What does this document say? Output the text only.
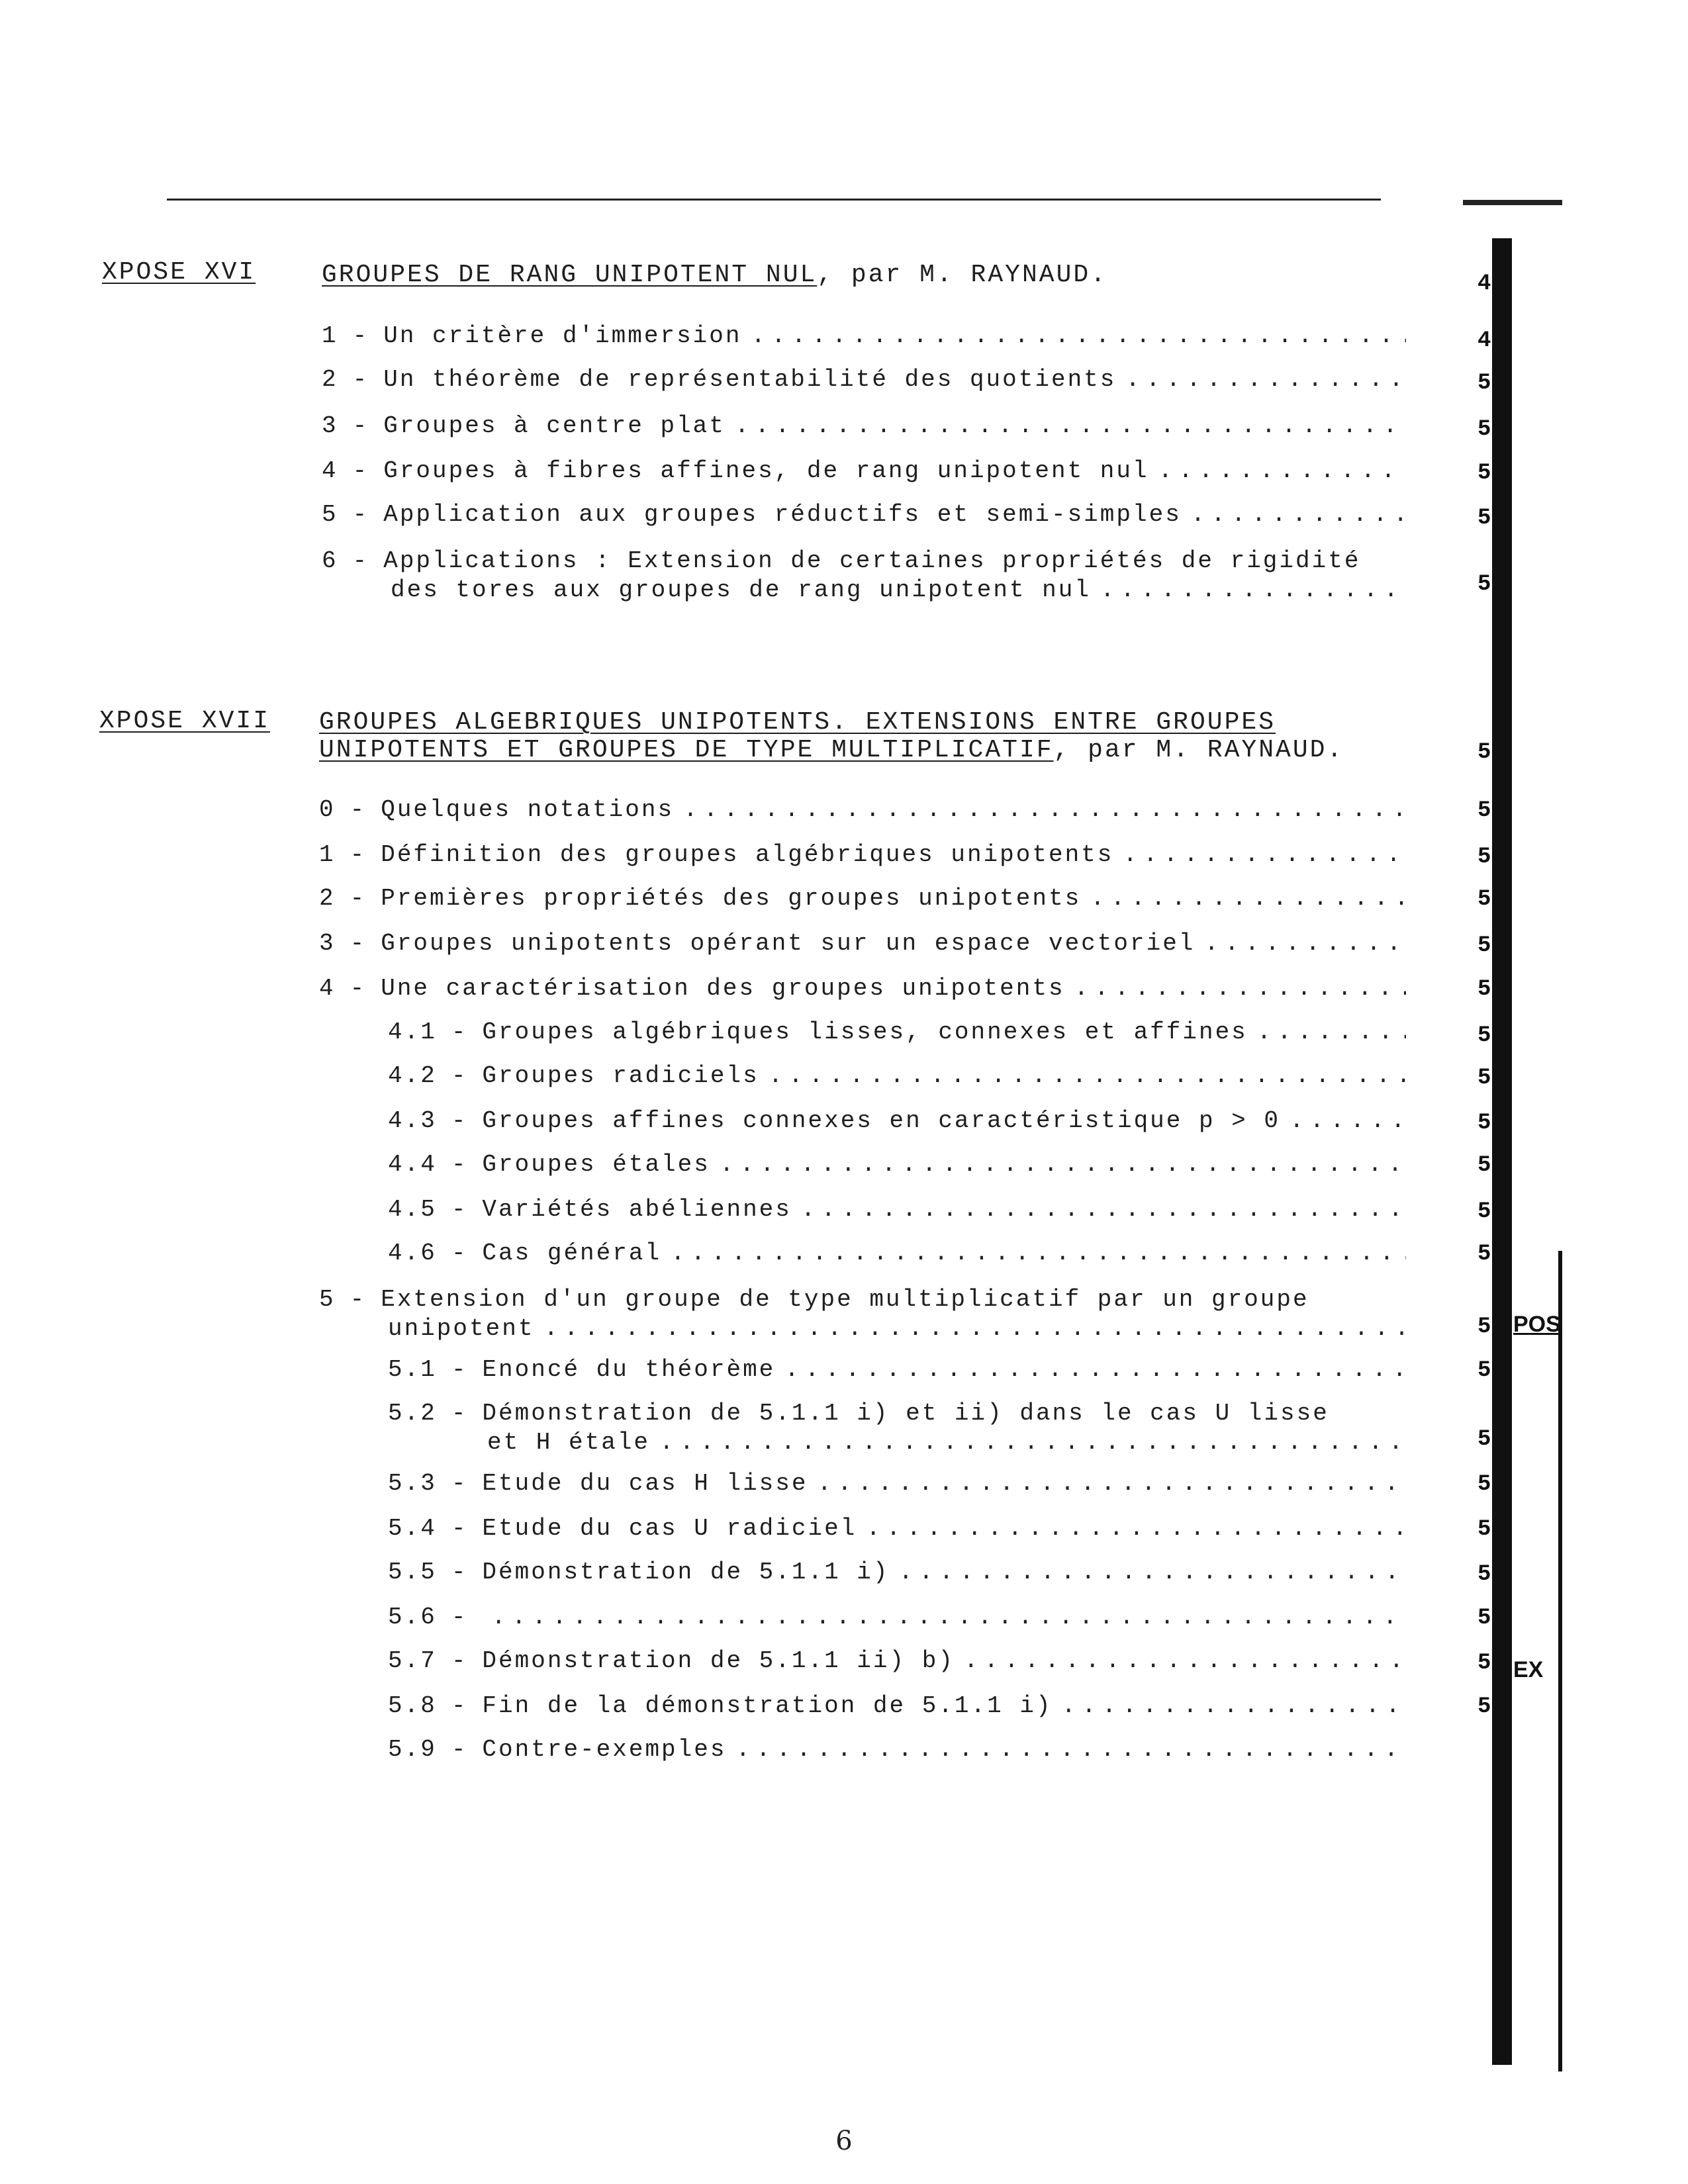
XPOSE XVI	GROUPES DE RANG UNIPOTENT NUL, par M. RAYNAUD.
XPOSE XVII GROUPES ALGEBRIQUES UNIPOTENTS. EXTENSIONS ENTRE GROUPES
UNIPOTENTS ET GROUPES DE TYPE MULTIPLICATIF, par M. RAYNAUD.
1 - Un critère d'immersion
.....
2 - Un théorème de représentabilité des quotients
.....
3 - Groupes à centre plat
.....
4 - Groupes à fibres affines, de rang unipotent nul
.....
5 - Application aux groupes réductifs et semi-simples
.....
6 - Applications : Extension de certaines propriétés de rigidité
des tores aux groupes de rang unipotent nul
.....
4
4
5
5
5
5
5
0 - Quelques notations
.....
1 - Définition des groupes algébriques unipotents
.....
2 - Premières propriétés des groupes unipotents
.....
3 - Groupes unipotents opérant sur un espace vectoriel
.....
4 - Une caractérisation des groupes unipotents
.....
4.1 - Groupes algébriques lisses, connexes et affines
.....
4.2 - Groupes radiciels
.....
4.3 - Groupes affines connexes en caractéristique p > 0
.....
4.4 - Groupes étales
.....
4.5 - Variétés abéliennes
.....
4.6 - Cas général
.....
5 - Extension d'un groupe de type multiplicatif par un groupe
unipotent
.....
5.1 - Enoncé du théorème
.....
5.2 - Démonstration de 5.1.1 i) et ii) dans le cas U lisse
et H étale
.....
5.3 - Etude du cas H lisse
.....
5.4 - Etude du cas U radiciel
.....
5.5 - Démonstration de 5.1.1 i)
.....
5.6 -
.....
5.7 - Démonstration de 5.1.1 ii) b)
.....
5.8 - Fin de la démonstration de 5.1.1 i)
.....
5.9 - Contre-exemples
.....
5
5
5
5
5
5
5
5
5
5
5
5
5
5
5
5
5
5
5
5
5
POS
EX
6
